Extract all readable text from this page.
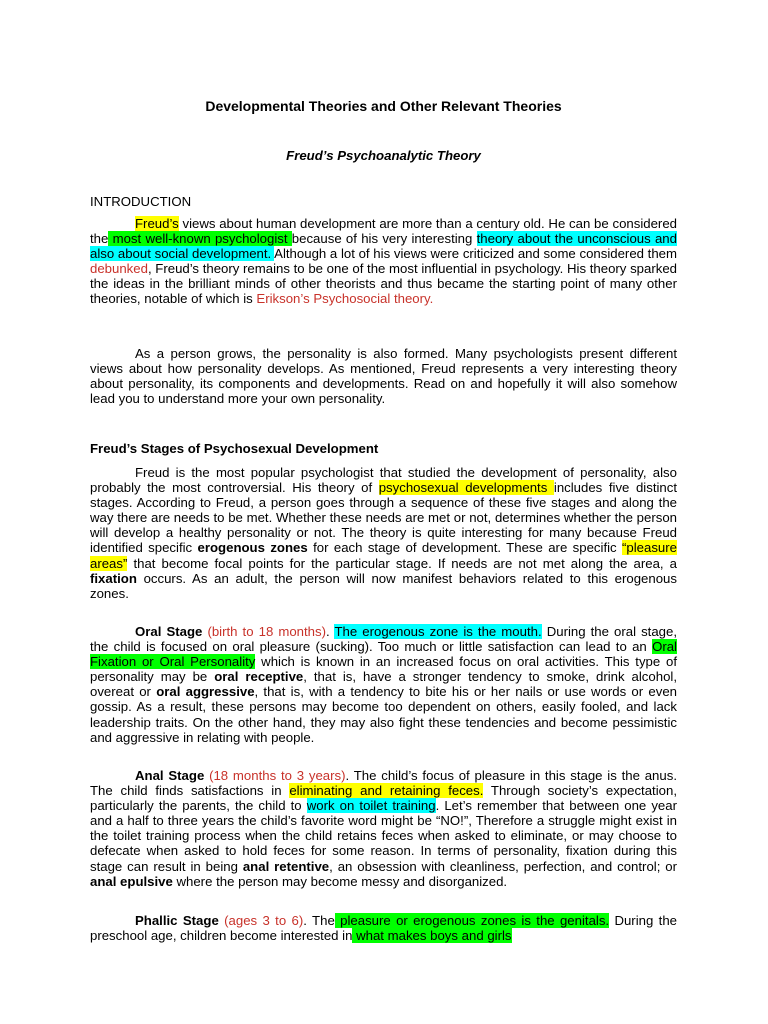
Developmental Theories and Other Relevant Theories
Freud’s Psychoanalytic Theory
INTRODUCTION

Freud’s views about human development are more than a century old. He can be considered the most well-known psychologist because of his very interesting theory about the unconscious and also about social development. Although a lot of his views were criticized and some considered them debunked, Freud’s theory remains to be one of the most influential in psychology. His theory sparked the ideas in the brilliant minds of other theorists and thus became the starting point of many other theories, notable of which is Erikson’s Psychosocial theory.

As a person grows, the personality is also formed. Many psychologists present different views about how personality develops. As mentioned, Freud represents a very interesting theory about personality, its components and developments. Read on and hopefully it will also somehow lead you to understand more your own personality.

Freud’s Stages of Psychosexual Development

Freud is the most popular psychologist that studied the development of personality, also probably the most controversial. His theory of psychosexual developments includes five distinct stages. According to Freud, a person goes through a sequence of these five stages and along the way there are needs to be met. Whether these needs are met or not, determines whether the person will develop a healthy personality or not. The theory is quite interesting for many because Freud identified specific erogenous zones for each stage of development. These are specific “pleasure areas” that become focal points for the particular stage. If needs are not met along the area, a fixation occurs. As an adult, the person will now manifest behaviors related to this erogenous zones.

Oral Stage (birth to 18 months). The erogenous zone is the mouth. During the oral stage, the child is focused on oral pleasure (sucking). Too much or little satisfaction can lead to an Oral Fixation or Oral Personality which is known in an increased focus on oral activities. This type of personality may be oral receptive, that is, have a stronger tendency to smoke, drink alcohol, overeat or oral aggressive, that is, with a tendency to bite his or her nails or use words or even gossip. As a result, these persons may become too dependent on others, easily fooled, and lack leadership traits. On the other hand, they may also fight these tendencies and become pessimistic and aggressive in relating with people.

Anal Stage (18 months to 3 years). The child’s focus of pleasure in this stage is the anus. The child finds satisfactions in eliminating and retaining feces. Through society’s expectation, particularly the parents, the child to work on toilet training. Let’s remember that between one year and a half to three years the child’s favorite word might be “NO!”, Therefore a struggle might exist in the toilet training process when the child retains feces when asked to eliminate, or may choose to defecate when asked to hold feces for some reason. In terms of personality, fixation during this stage can result in being anal retentive, an obsession with cleanliness, perfection, and control; or anal epulsive where the person may become messy and disorganized.

Phallic Stage (ages 3 to 6). The pleasure or erogenous zones is the genitals. During the preschool age, children become interested in what makes boys and girls
